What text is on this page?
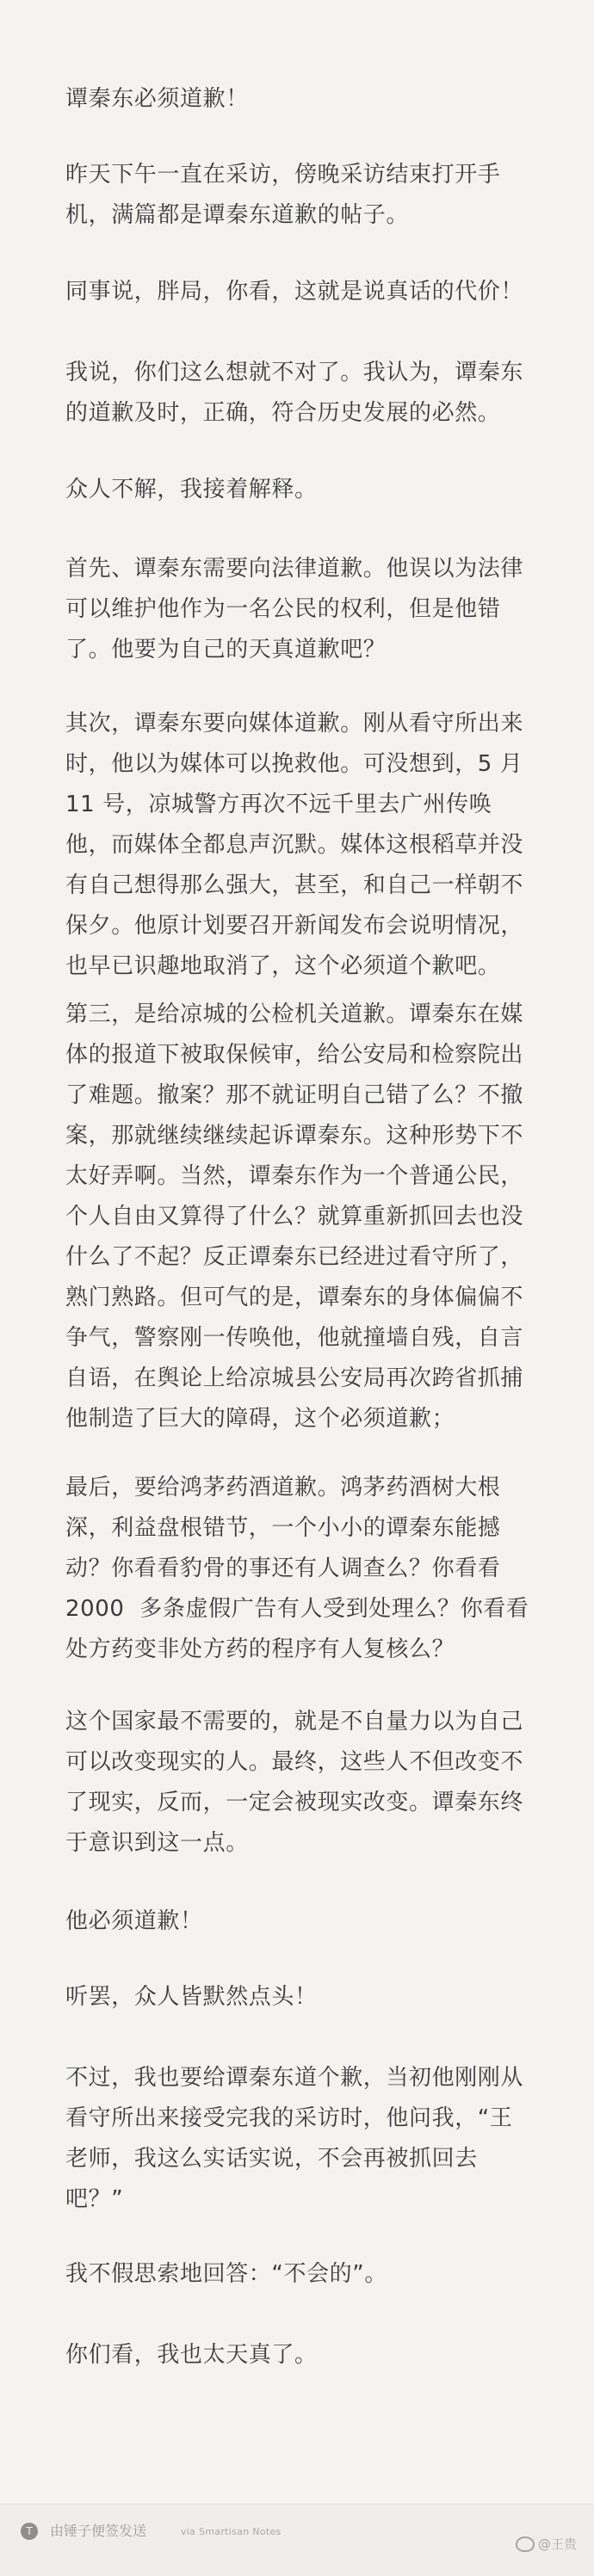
谭秦东必须道歉！
昨天下午一直在采访，傍晚采访结束打开手
机，满篇都是谭秦东道歉的帖子。
同事说，胖局，你看，这就是说真话的代价！
我说，你们这么想就不对了。我认为，谭秦东
的道歉及时，正确，符合历史发展的必然。
众人不解，我接着解释。
首先、谭秦东需要向法律道歉。他误以为法律
可以维护他作为一名公民的权利，但是他错
了。他要为自己的天真道歉吧？
其次，谭秦东要向媒体道歉。刚从看守所出来
时，他以为媒体可以挽救他。可没想到，5 月
11 号，凉城警方再次不远千里去广州传唤
他，而媒体全都息声沉默。媒体这根稻草并没
有自己想得那么强大，甚至，和自己一样朝不
保夕。他原计划要召开新闻发布会说明情况，
也早已识趣地取消了，这个必须道个歉吧。
第三，是给凉城的公检机关道歉。谭秦东在媒
体的报道下被取保候审，给公安局和检察院出
了难题。撤案？那不就证明自己错了么？不撤
案，那就继续继续起诉谭秦东。这种形势下不
太好弄啊。当然，谭秦东作为一个普通公民，
个人自由又算得了什么？就算重新抓回去也没
什么了不起？反正谭秦东已经进过看守所了，
熟门熟路。但可气的是，谭秦东的身体偏偏不
争气，警察刚一传唤他，他就撞墙自残，自言
自语，在舆论上给凉城县公安局再次跨省抓捕
他制造了巨大的障碍，这个必须道歉；
最后，要给鸿茅药酒道歉。鸿茅药酒树大根
深，利益盘根错节，一个小小的谭秦东能撼
动？你看看豹骨的事还有人调查么？你看看
2000  多条虚假广告有人受到处理么？你看看
处方药变非处方药的程序有人复核么？
这个国家最不需要的，就是不自量力以为自己
可以改变现实的人。最终，这些人不但改变不
了现实，反而，一定会被现实改变。谭秦东终
于意识到这一点。
他必须道歉！
听罢，众人皆默然点头！
不过，我也要给谭秦东道个歉，当初他刚刚从
看守所出来接受完我的采访时，他问我，“王
老师，我这么实话实说，不会再被抓回去
吧？”
我不假思索地回答：“不会的”。
你们看，我也太天真了。
T	由锤子便签发送	via Smartisan Notes
@王贵
